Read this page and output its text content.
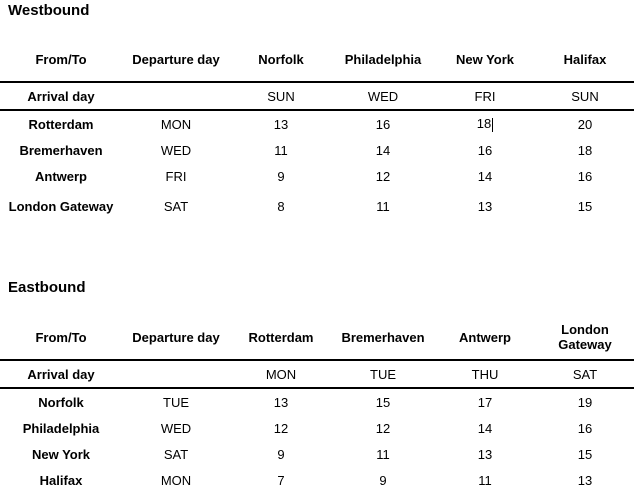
Westbound
From/To	Departure day	Norfolk	Philadelphia	New York	Halifax
Arrival day		SUN	WED	FRI	SUN
Rotterdam	MON	13	16	18	20
Bremerhaven	WED	11	14	16	18
Antwerp	FRI	9	12	14	16
London Gateway	SAT	8	11	13	15
Eastbound
From/To	Departure day	Rotterdam	Bremerhaven	Antwerp	London Gateway
Arrival day		MON	TUE	THU	SAT
Norfolk	TUE	13	15	17	19
Philadelphia	WED	12	12	14	16
New York	SAT	9	11	13	15
Halifax	MON	7	9	11	13
